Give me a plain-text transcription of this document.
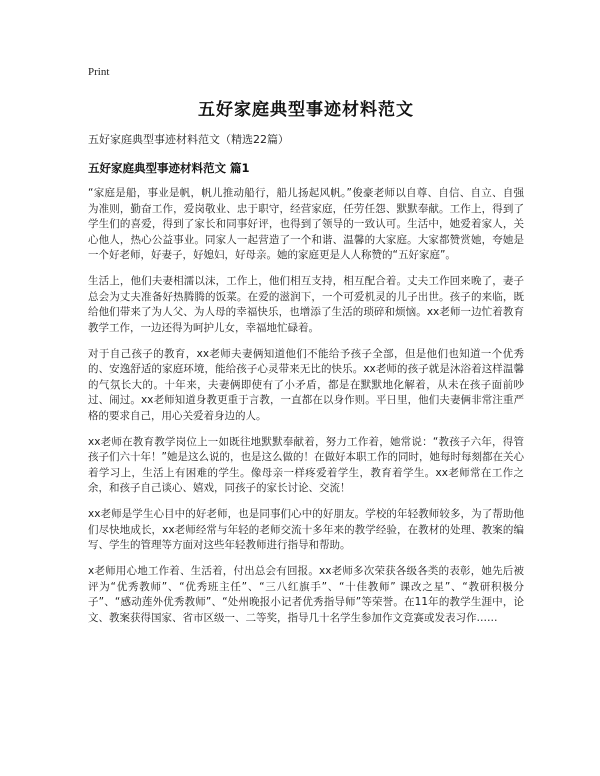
Print
五好家庭典型事迹材料范文
五好家庭典型事迹材料范文（精选22篇）
五好家庭典型事迹材料范文 篇1

“家庭是船，事业是帆，帆儿推动船行，船儿扬起风帆。”俊豪老师以自尊、自信、自立、自强为准则，勤奋工作，爱岗敬业、忠于职守，经营家庭，任劳任怨、默默奉献。工作上，得到了学生们的喜爱，得到了家长和同事好评，也得到了领导的一致认可。生活中，她爱着家人，关心他人，热心公益事业。同家人一起营造了一个和谐、温馨的大家庭。大家都赞赏她，夸她是一个好老师，好妻子，好媳妇，好母亲。她的家庭更是人人称赞的“五好家庭”。

生活上，他们夫妻相濡以沫，工作上，他们相互支持，相互配合着。丈夫工作回来晚了，妻子总会为丈夫准备好热腾腾的饭菜。在爱的滋润下，一个可爱机灵的儿子出世。孩子的来临，既给他们带来了为人父、为人母的幸福快乐，也增添了生活的琐碎和烦恼。xx老师一边忙着教育教学工作，一边还得为呵护儿女，幸福地忙碌着。

对于自己孩子的教育，xx老师夫妻俩知道他们不能给予孩子全部，但是他们也知道一个优秀的、安逸舒适的家庭环境，能给孩子心灵带来无比的快乐。xx老师的孩子就是沐浴着这样温馨的气氛长大的。十年来，夫妻俩即使有了小矛盾，都是在默默地化解着，从未在孩子面前吵过、闹过。xx老师知道身教更重于言教，一直都在以身作则。平日里，他们夫妻俩非常注重严格的要求自己，用心关爱着身边的人。

xx老师在教育教学岗位上一如既往地默默奉献着，努力工作着，她常说：“教孩子六年，得管孩子们六十年！”她是这么说的，也是这么做的！在做好本职工作的同时，她每时每刻都在关心着学习上，生活上有困难的学生。像母亲一样疼爱着学生，教育着学生。xx老师常在工作之余，和孩子自己谈心、嬉戏，同孩子的家长讨论、交流！

xx老师是学生心目中的好老师，也是同事们心中的好朋友。学校的年轻教师较多，为了帮助他们尽快地成长，xx老师经常与年轻的老师交流十多年来的教学经验，在教材的处理、教案的编写、学生的管理等方面对这些年轻教师进行指导和帮助。

x老师用心地工作着、生活着，付出总会有回报。xx老师多次荣获各级各类的表彰，她先后被评为“优秀教师”、“优秀班主任”、“三八红旗手”、“十佳教师” 课改之星”、“教研积极分子”、“感动莲外优秀教师”、“处州晚报小记者优秀指导师”等荣誉。在11年的教学生涯中，论文、教案获得国家、省市区级一、二等奖，指导几十名学生参加作文竞赛或发表习作……
